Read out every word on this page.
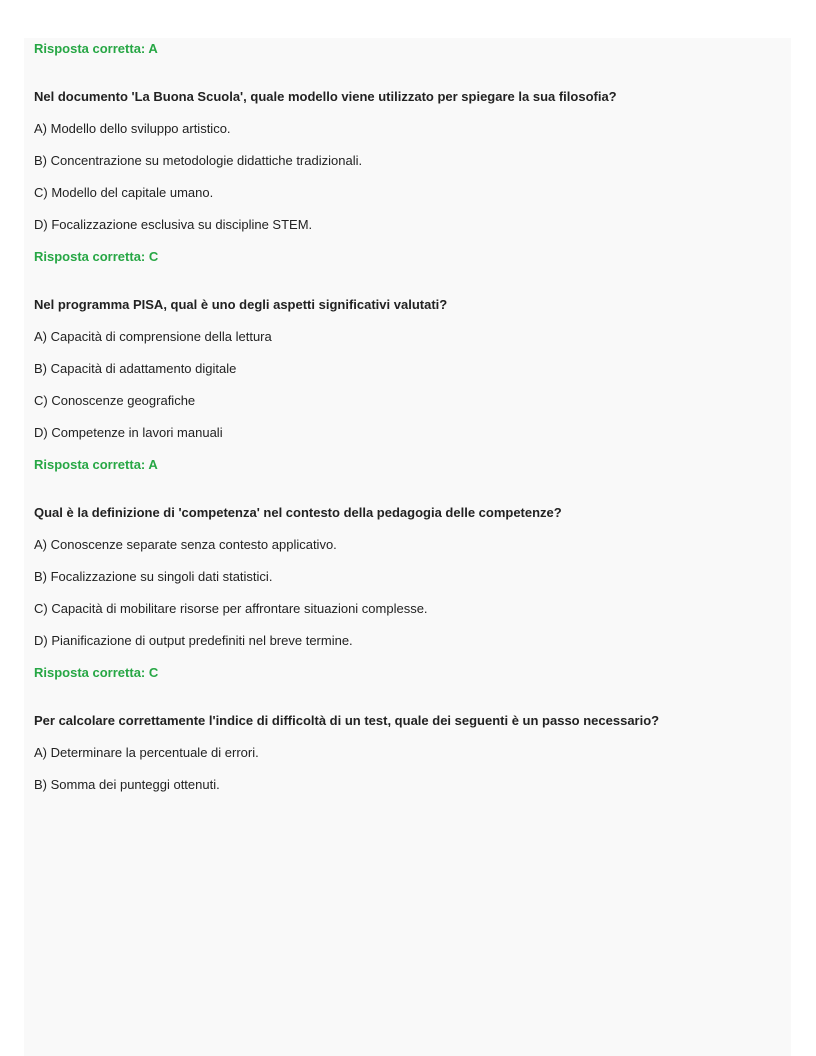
Risposta corretta: A
Nel documento 'La Buona Scuola', quale modello viene utilizzato per spiegare la sua filosofia?
A) Modello dello sviluppo artistico.
B) Concentrazione su metodologie didattiche tradizionali.
C) Modello del capitale umano.
D) Focalizzazione esclusiva su discipline STEM.
Risposta corretta: C
Nel programma PISA, qual è uno degli aspetti significativi valutati?
A) Capacità di comprensione della lettura
B) Capacità di adattamento digitale
C) Conoscenze geografiche
D) Competenze in lavori manuali
Risposta corretta: A
Qual è la definizione di 'competenza' nel contesto della pedagogia delle competenze?
A) Conoscenze separate senza contesto applicativo.
B) Focalizzazione su singoli dati statistici.
C) Capacità di mobilitare risorse per affrontare situazioni complesse.
D) Pianificazione di output predefiniti nel breve termine.
Risposta corretta: C
Per calcolare correttamente l'indice di difficoltà di un test, quale dei seguenti è un passo necessario?
A) Determinare la percentuale di errori.
B) Somma dei punteggi ottenuti.
